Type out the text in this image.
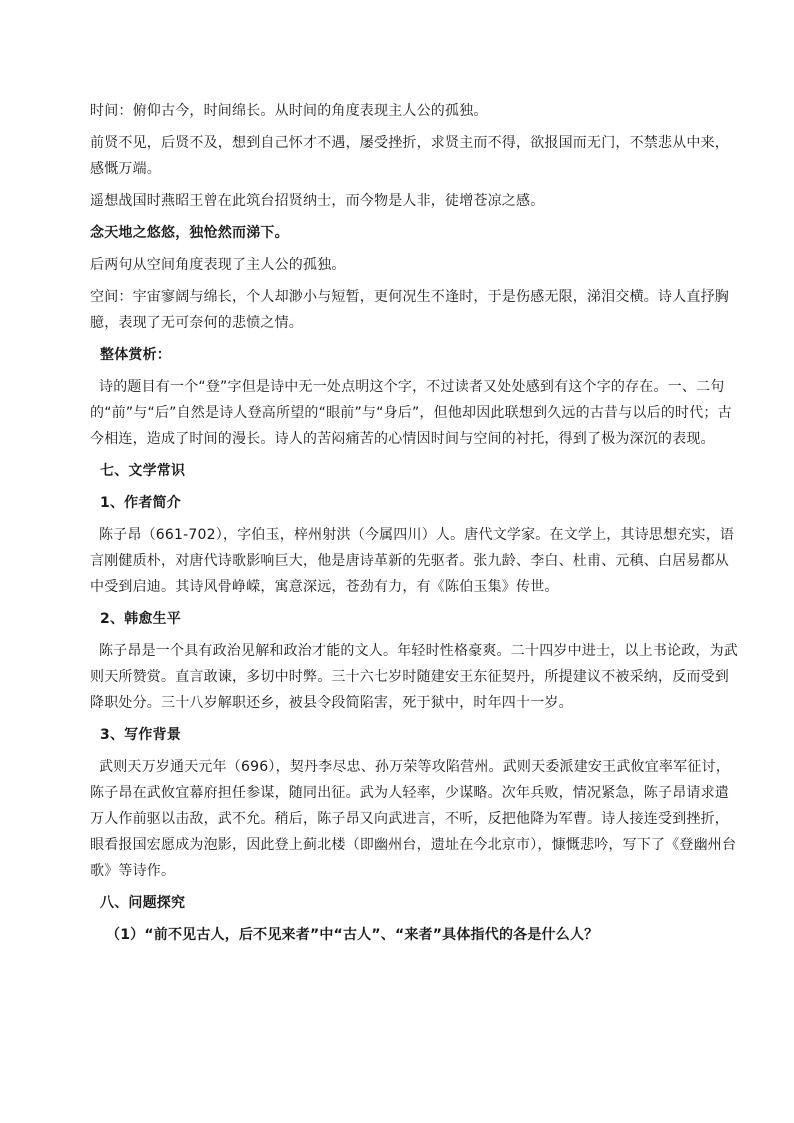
时间：俯仰古今，时间绵长。从时间的角度表现主人公的孤独。

前贤不见，后贤不及，想到自己怀才不遇，屡受挫折，求贤主而不得，欲报国而无门，不禁悲从中来，感慨万端。

遥想战国时燕昭王曾在此筑台招贤纳士，而今物是人非，徒增苍凉之感。

念天地之悠悠，独怆然而涕下。

后两句从空间角度表现了主人公的孤独。

空间：宇宙寥阔与绵长，个人却渺小与短暂，更何况生不逢时，于是伤感无限，涕泪交横。诗人直抒胸臆，表现了无可奈何的悲愤之情。

整体赏析：

诗的题目有一个“登”字但是诗中无一处点明这个字，不过读者又处处感到有这个字的存在。一、二句的“前”与“后”自然是诗人登高所望的“眼前”与“身后”，但他却因此联想到久远的古昔与以后的时代；古今相连，造成了时间的漫长。诗人的苦闷痛苦的心情因时间与空间的衬托，得到了极为深沉的表现。

七、文学常识

1、作者简介

陈子昂（661-702），字伯玉，梓州射洪（今属四川）人。唐代文学家。在文学上，其诗思想充实，语言刚健质朴，对唐代诗歌影响巨大，他是唐诗革新的先驱者。张九龄、李白、杜甫、元稹、白居易都从中受到启迪。其诗风骨峥嵘，寓意深远，苍劲有力，有《陈伯玉集》传世。

2、韩愈生平

陈子昂是一个具有政治见解和政治才能的文人。年轻时性格豪爽。二十四岁中进士，以上书论政，为武则天所赞赏。直言敢谏，多切中时弊。三十六七岁时随建安王东征契丹，所提建议不被采纳，反而受到降职处分。三十八岁解职还乡，被县令段简陷害，死于狱中，时年四十一岁。

3、写作背景

武则天万岁通天元年（696），契丹李尽忠、孙万荣等攻陷营州。武则天委派建安王武攸宜率军征讨，陈子昂在武攸宜幕府担任参谋，随同出征。武为人轻率，少谋略。次年兵败，情况紧急，陈子昂请求遣万人作前驱以击敌，武不允。稍后，陈子昂又向武进言，不听，反把他降为军曹。诗人接连受到挫折，眼看报国宏愿成为泡影，因此登上蓟北楼（即幽州台，遗址在今北京市），慷慨悲吟，写下了《登幽州台歌》等诗作。

八、问题探究

（1）“前不见古人，后不见来者”中“古人”、“来者”具体指代的各是什么人？
